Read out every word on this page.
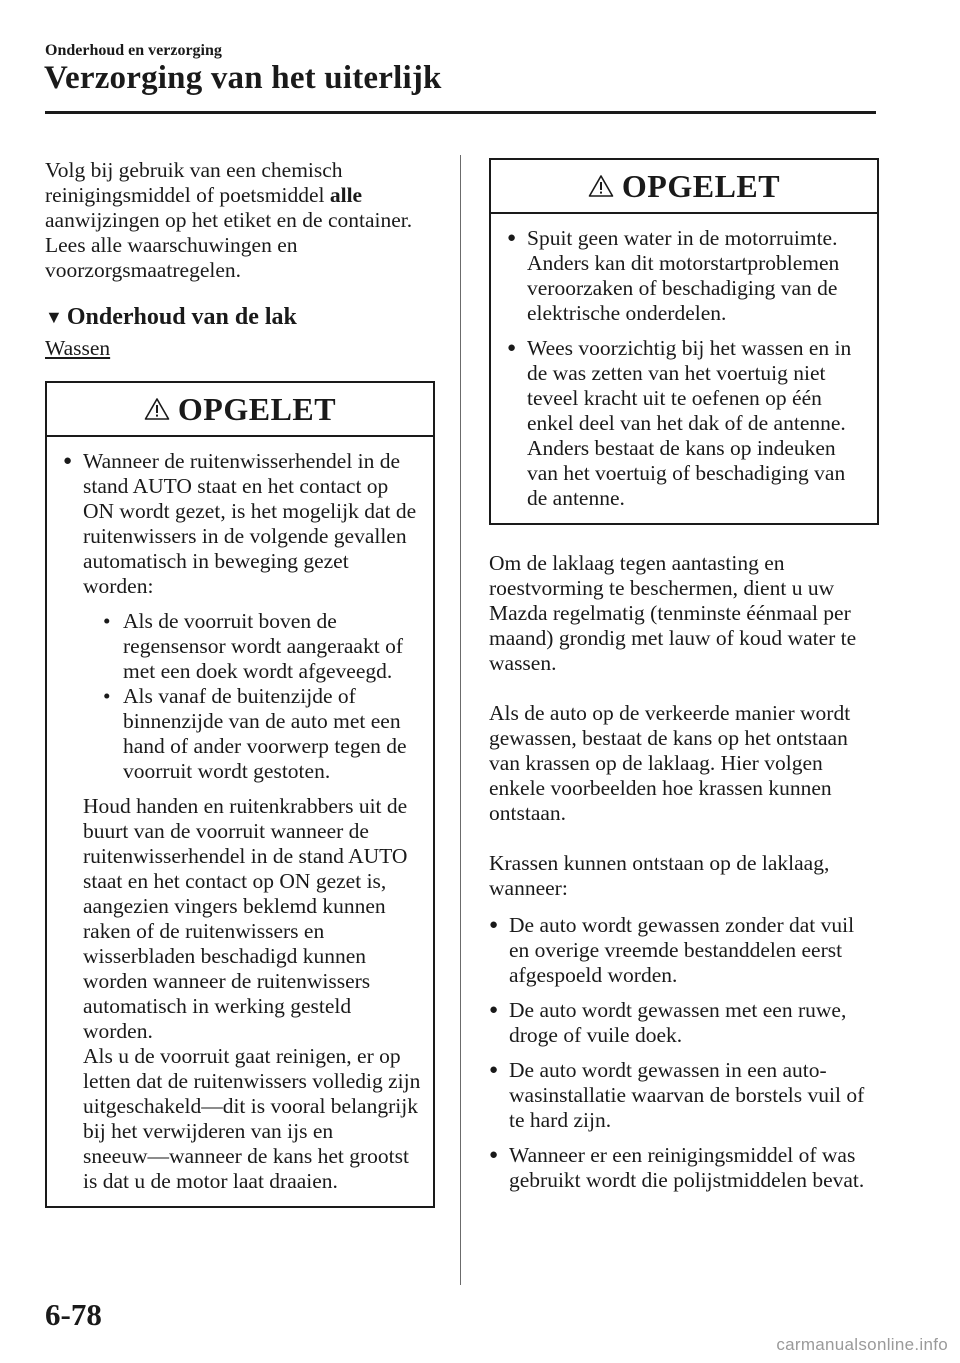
Onderhoud en verzorging
Verzorging van het uiterlijk

Volg bij gebruik van een chemisch reinigingsmiddel of poetsmiddel alle aanwijzingen op het etiket en de container. Lees alle waarschuwingen en voorzorgsmaatregelen.

▼ Onderhoud van de lak

Wassen

OPGELET
● Wanneer de ruitenwisserhendel in de stand AUTO staat en het contact op ON wordt gezet, is het mogelijk dat de ruitenwissers in de volgende gevallen automatisch in beweging gezet worden:
• Als de voorruit boven de regensensor wordt aangeraakt of met een doek wordt afgeveegd.
• Als vanaf de buitenzijde of binnenzijde van de auto met een hand of ander voorwerp tegen de voorruit wordt gestoten.

Houd handen en ruitenkrabbers uit de buurt van de voorruit wanneer de ruitenwisserhendel in de stand AUTO staat en het contact op ON gezet is, aangezien vingers beklemd kunnen raken of de ruitenwissers en wisserbladen beschadigd kunnen worden wanneer de ruitenwissers automatisch in werking gesteld worden.

Als u de voorruit gaat reinigen, er op letten dat de ruitenwissers volledig zijn uitgeschakeld―dit is vooral belangrijk bij het verwijderen van ijs en sneeuw―wanneer de kans het grootst is dat u de motor laat draaien.

OPGELET
● Spuit geen water in de motorruimte. Anders kan dit motorstartproblemen veroorzaken of beschadiging van de elektrische onderdelen.
● Wees voorzichtig bij het wassen en in de was zetten van het voertuig niet teveel kracht uit te oefenen op één enkel deel van het dak of de antenne. Anders bestaat de kans op indeuken van het voertuig of beschadiging van de antenne.

Om de laklaag tegen aantasting en roestvorming te beschermen, dient u uw Mazda regelmatig (tenminste éénmaal per maand) grondig met lauw of koud water te wassen.

Als de auto op de verkeerde manier wordt gewassen, bestaat de kans op het ontstaan van krassen op de laklaag. Hier volgen enkele voorbeelden hoe krassen kunnen ontstaan.

Krassen kunnen ontstaan op de laklaag, wanneer:

● De auto wordt gewassen zonder dat vuil en overige vreemde bestanddelen eerst afgespoeld worden.
● De auto wordt gewassen met een ruwe, droge of vuile doek.
● De auto wordt gewassen in een auto-wasinstallatie waarvan de borstels vuil of te hard zijn.
● Wanneer er een reinigingsmiddel of was gebruikt wordt die polijstmiddelen bevat.
6-78
carmanualsonline.info
